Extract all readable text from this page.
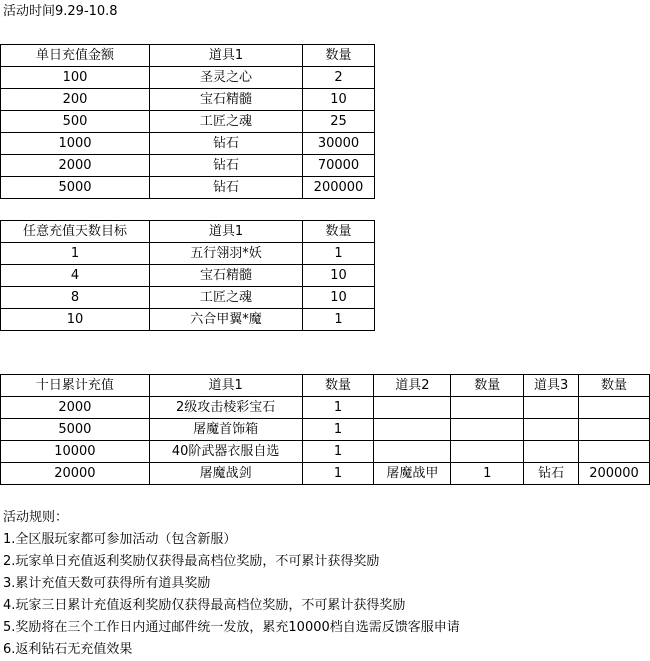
活动时间9.29-10.8
单日充值金额	道具1	数量
100	圣灵之心	2
200	宝石精髓	10
500	工匠之魂	25
1000	钻石	30000
2000	钻石	70000
5000	钻石	200000
任意充值天数目标	道具1	数量
1	五行翎羽*妖	1
4	宝石精髓	10
8	工匠之魂	10
10	六合甲翼*魔	1
十日累计充值	道具1	数量	道具2	数量	道具3	数量
2000	2级攻击棱彩宝石	1				
5000	屠魔首饰箱	1				
10000	40阶武器衣服自选	1				
20000	屠魔战剑	1	屠魔战甲	1	钻石	200000
活动规则：
1.全区服玩家都可参加活动（包含新服）
2.玩家单日充值返利奖励仅获得最高档位奖励，不可累计获得奖励
3.累计充值天数可获得所有道具奖励
4.玩家三日累计充值返利奖励仅获得最高档位奖励，不可累计获得奖励
5.奖励将在三个工作日内通过邮件统一发放，累充10000档自选需反馈客服申请
6.返利钻石无充值效果
